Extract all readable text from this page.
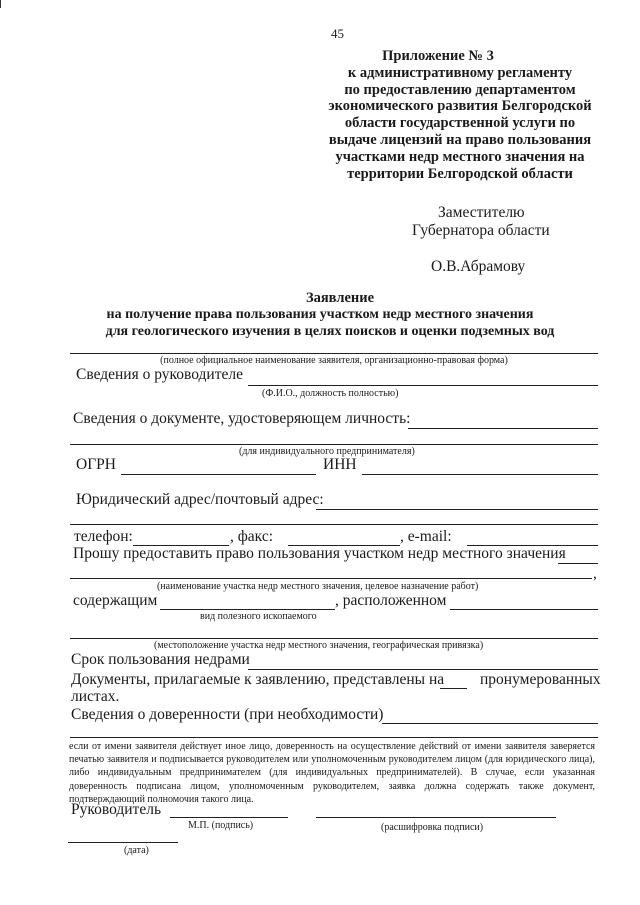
45
Приложение № 3
к административному регламенту
по предоставлению департаментом
экономического развития Белгородской
области государственной услуги по
выдаче лицензий на право пользования
участками недр местного значения на
территории Белгородской области
Заместителю
Губернатора области
О.В.Абрамову
Заявление
на получение права пользования участком недр местного значения
для геологического изучения в целях поисков и оценки подземных вод
(полное официальное наименование заявителя, организационно-правовая форма)
Сведения о руководителе
(Ф.И.О., должность полностью)
Сведения о документе, удостоверяющем личность:
(для индивидуального предпринимателя)
ОГРН	ИНН
Юридический адрес/почтовый адрес:
телефон:	, факс:	, e-mail:
Прошу предоставить право пользования участком недр местного значения
,
(наименование участка недр местного значения, целевое назначение работ)
содержащим	, расположенном
вид полезного ископаемого
(местоположение участка недр местного значения, географическая привязка)
Срок пользования недрами
Документы, прилагаемые к заявлению, представлены на пронумерованных
листах.
Сведения о доверенности (при необходимости)
если от имени заявителя действует иное лицо, доверенность на осуществление действий от имени заявителя заверяется печатью заявителя и подписывается руководителем или уполномоченным руководителем лицом (для юридического лица), либо индивидуальным предпринимателем (для индивидуальных предпринимателей). В случае, если указанная доверенность подписана лицом, уполномоченным руководителем, заявка должна содержать также документ, подтверждающий полномочия такого лица.
Руководитель
М.П. (подпись)	(расшифровка подписи)
(дата)
